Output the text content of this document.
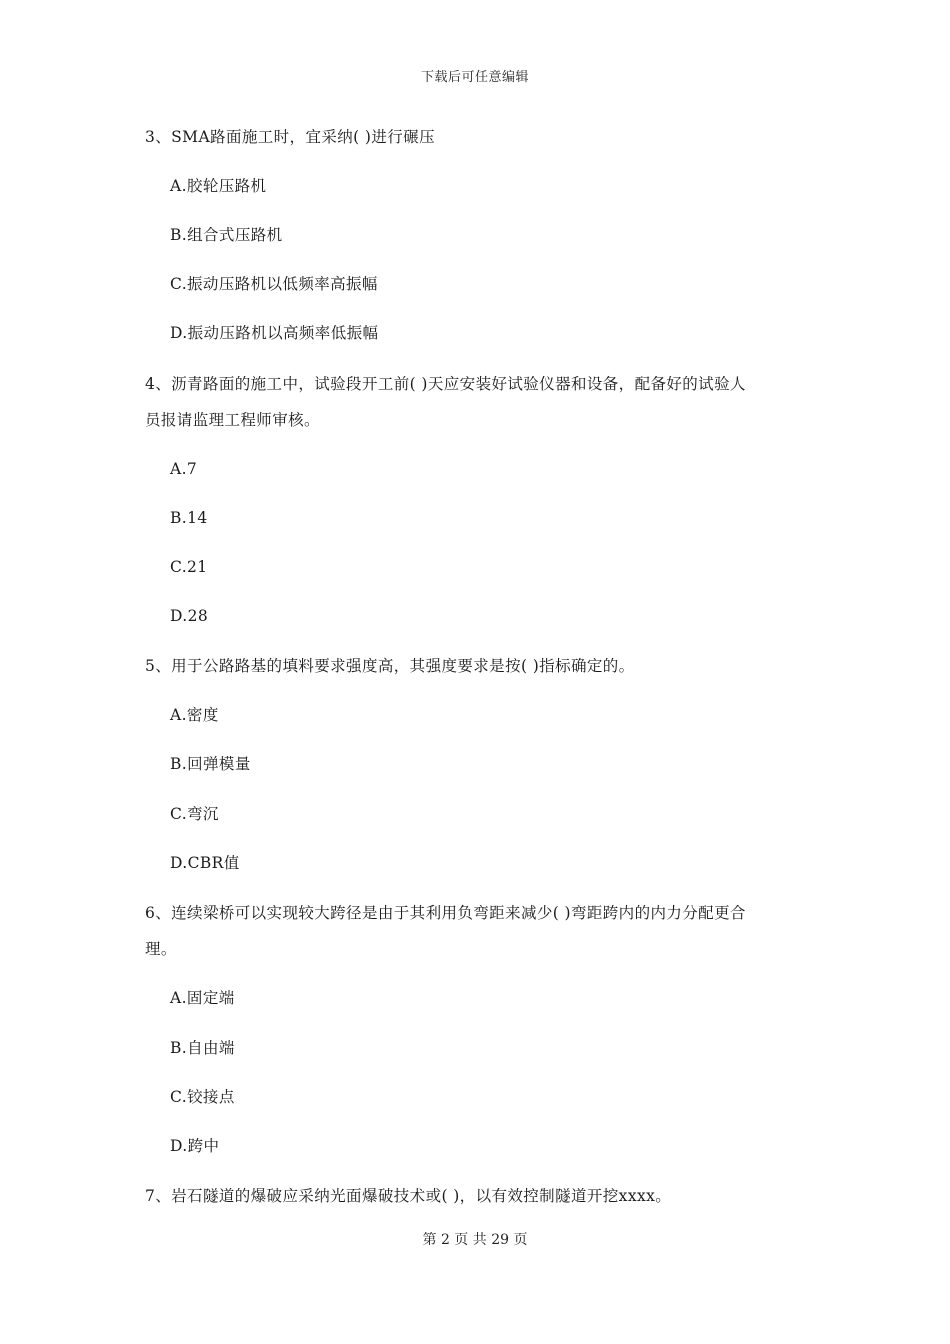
下载后可任意编辑
3、SMA路面施工时，宜采纳( )进行碾压
A.胶轮压路机
B.组合式压路机
C.振动压路机以低频率高振幅
D.振动压路机以高频率低振幅
4、沥青路面的施工中，试验段开工前( )天应安装好试验仪器和设备，配备好的试验人
员报请监理工程师审核。
A.7
B.14
C.21
D.28
5、用于公路路基的填料要求强度高，其强度要求是按( )指标确定的。
A.密度
B.回弹模量
C.弯沉
D.CBR值
6、连续梁桥可以实现较大跨径是由于其利用负弯距来减少( )弯距跨内的内力分配更合
理。
A.固定端
B.自由端
C.铰接点
D.跨中
7、岩石隧道的爆破应采纳光面爆破技术或( )，以有效控制隧道开挖xxxx。
第 2 页 共 29 页
